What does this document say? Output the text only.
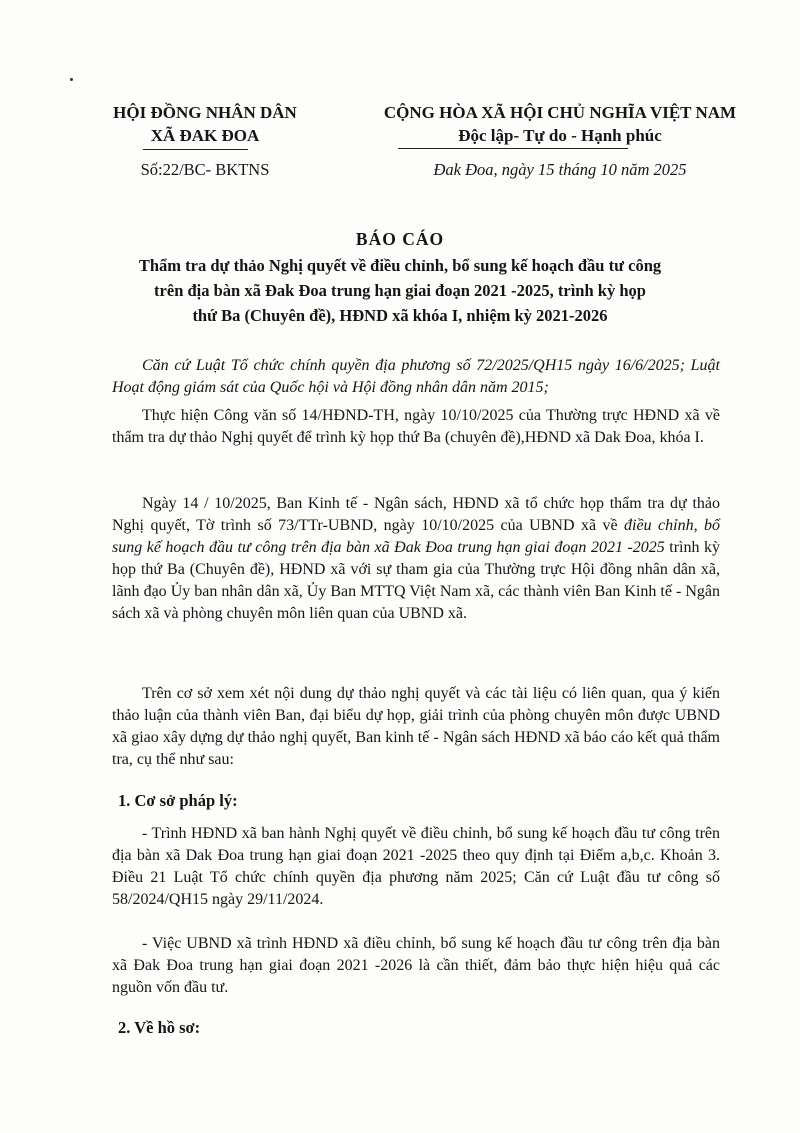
HỘI ĐỒNG NHÂN DÂN
XÃ ĐAK ĐOA
Số:22/BC- BKTNS
CỘNG HÒA XÃ HỘI CHỦ NGHĨA VIỆT NAM
Độc lập- Tự do - Hạnh phúc
Đak Đoa, ngày 15 tháng 10 năm 2025
BÁO CÁO
Thẩm tra dự thảo Nghị quyết về điều chỉnh, bổ sung kế hoạch đầu tư công
trên địa bàn xã Đak Đoa trung hạn giai đoạn 2021 -2025, trình kỳ họp
thứ Ba (Chuyên đề), HĐND xã khóa I, nhiệm kỳ 2021-2026
Căn cứ Luật Tổ chức chính quyền địa phương số 72/2025/QH15 ngày 16/6/2025; Luật Hoạt động giám sát của Quốc hội và Hội đồng nhân dân năm 2015;
Thực hiện Công văn số 14/HĐND-TH, ngày 10/10/2025 của Thường trực HĐND xã về thẩm tra dự thảo Nghị quyết để trình kỳ họp thứ Ba (chuyên đề),HĐND xã Dak Đoa, khóa I.
Ngày 14 / 10/2025, Ban Kinh tế - Ngân sách, HĐND xã tổ chức họp thẩm tra dự thảo Nghị quyết, Tờ trình số 73/TTr-UBND, ngày 10/10/2025 của UBND xã về điều chỉnh, bổ sung kế hoạch đầu tư công trên địa bàn xã Đak Đoa trung hạn giai đoạn 2021 -2025 trình kỳ họp thứ Ba (Chuyên đề), HĐND xã với sự tham gia của Thường trực Hội đồng nhân dân xã, lãnh đạo Ủy ban nhân dân xã, Ủy Ban MTTQ Việt Nam xã, các thành viên Ban Kinh tế - Ngân sách xã và phòng chuyên môn liên quan của UBND xã.
Trên cơ sở xem xét nội dung dự thảo nghị quyết và các tài liệu có liên quan, qua ý kiến thảo luận của thành viên Ban, đại biểu dự họp, giải trình của phòng chuyên môn được UBND xã giao xây dựng dự thảo nghị quyết, Ban kinh tế - Ngân sách HĐND xã báo cáo kết quả thẩm tra, cụ thể như sau:
1. Cơ sở pháp lý:
- Trình HĐND xã ban hành Nghị quyết về điều chỉnh, bổ sung kế hoạch đầu tư công trên địa bàn xã Dak Đoa trung hạn giai đoạn 2021 -2025 theo quy định tại Điểm a,b,c. Khoản 3. Điều 21 Luật Tổ chức chính quyền địa phương năm 2025; Căn cứ Luật đầu tư công số 58/2024/QH15 ngày 29/11/2024.
- Việc UBND xã trình HĐND xã điều chỉnh, bổ sung kế hoạch đầu tư công trên địa bàn xã Đak Đoa trung hạn giai đoạn 2021 -2026 là cần thiết, đảm bảo thực hiện hiệu quả các nguồn vốn đầu tư.
2. Về hồ sơ:
